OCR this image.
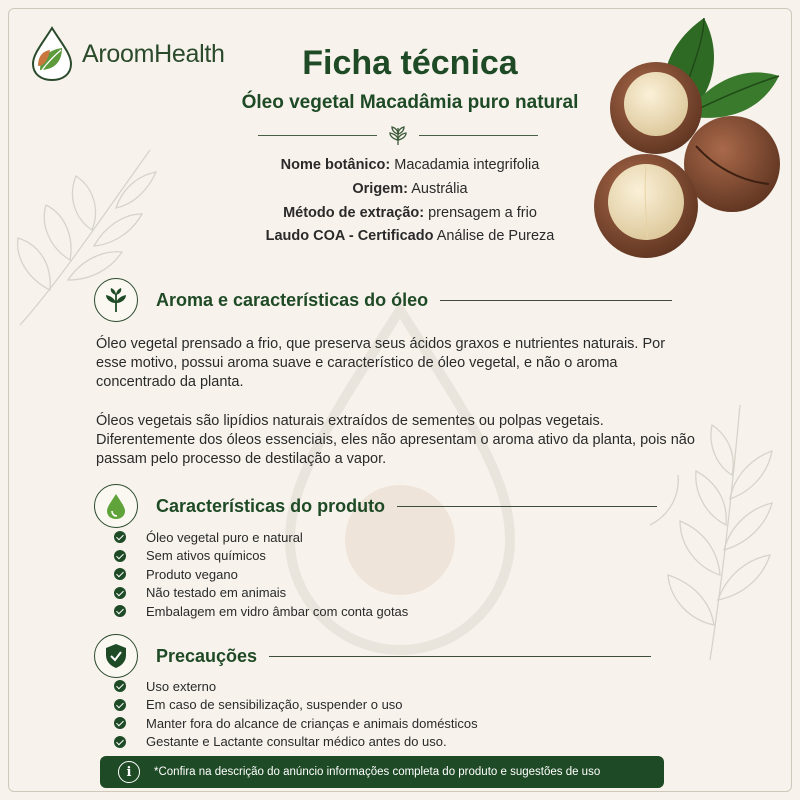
AroomHealth	Ficha técnica
Óleo vegetal Macadâmia puro natural
Nome botânico: Macadamia integrifolia
Origem: Austrália
Método de extração: prensagem a frio
Laudo COA - Certificado Análise de Pureza
Aroma e características do óleo
Óleo vegetal prensado a frio, que preserva seus ácidos graxos e nutrientes naturais. Por esse motivo, possui aroma suave e característico de óleo vegetal, e não o aroma concentrado da planta.
Óleos vegetais são lipídios naturais extraídos de sementes ou polpas vegetais. Diferentemente dos óleos essenciais, eles não apresentam o aroma ativo da planta, pois não passam pelo processo de destilação a vapor.
Características do produto
Óleo vegetal puro e natural
Sem ativos químicos
Produto vegano
Não testado em animais
Embalagem em vidro âmbar com conta gotas
Precauções
Uso externo
Em caso de sensibilização, suspender o uso
Manter fora do alcance de crianças e animais domésticos
Gestante e Lactante consultar médico antes do uso.
i	*Confira na descrição do anúncio informações completa do produto e sugestões de uso
